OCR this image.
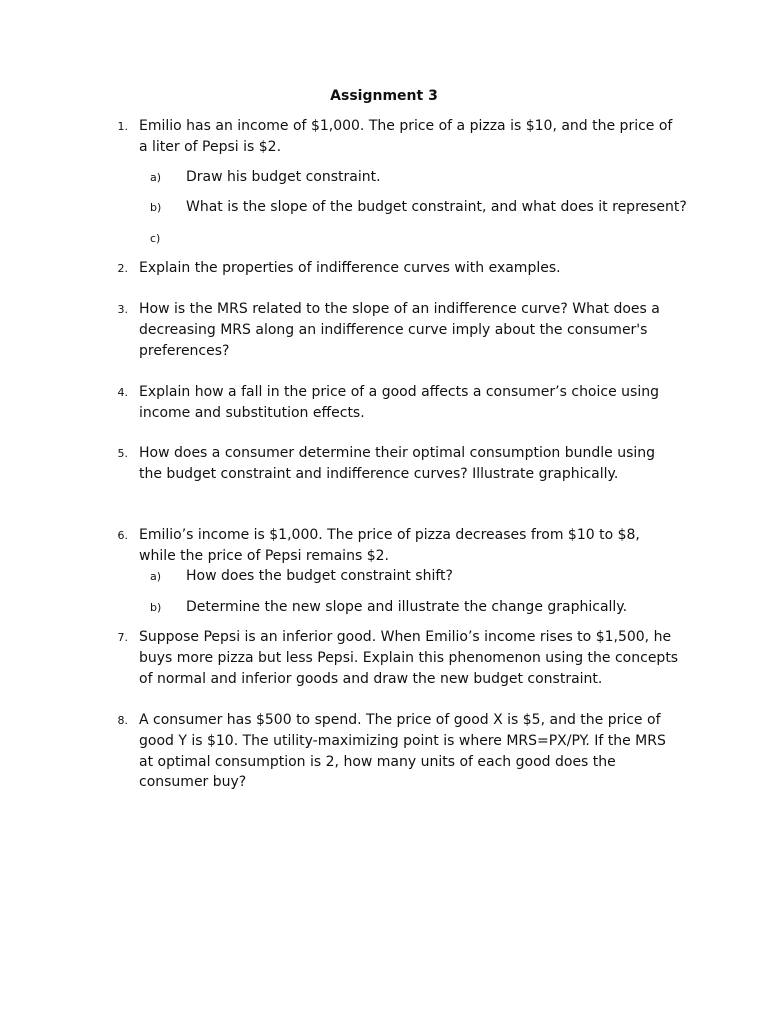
Assignment 3
1. Emilio has an income of $1,000. The price of a pizza is $10, and the price of a liter of Pepsi is $2.
a)	Draw his budget constraint.
b)	What is the slope of the budget constraint, and what does it represent?
c)
2. Explain the properties of indifference curves with examples.
3. How is the MRS related to the slope of an indifference curve? What does a decreasing MRS along an indifference curve imply about the consumer's preferences?
4. Explain how a fall in the price of a good affects a consumer’s choice using income and substitution effects.
5. How does a consumer determine their optimal consumption bundle using the budget constraint and indifference curves? Illustrate graphically.
6. Emilio’s income is $1,000. The price of pizza decreases from $10 to $8, while the price of Pepsi remains $2.
a)	How does the budget constraint shift?
b)	Determine the new slope and illustrate the change graphically.
7. Suppose Pepsi is an inferior good. When Emilio’s income rises to $1,500, he buys more pizza but less Pepsi. Explain this phenomenon using the concepts of normal and inferior goods and draw the new budget constraint.
8. A consumer has $500 to spend. The price of good X is $5, and the price of good Y is $10. The utility-maximizing point is where MRS=PX/PY. If the MRS at optimal consumption is 2, how many units of each good does the consumer buy?
